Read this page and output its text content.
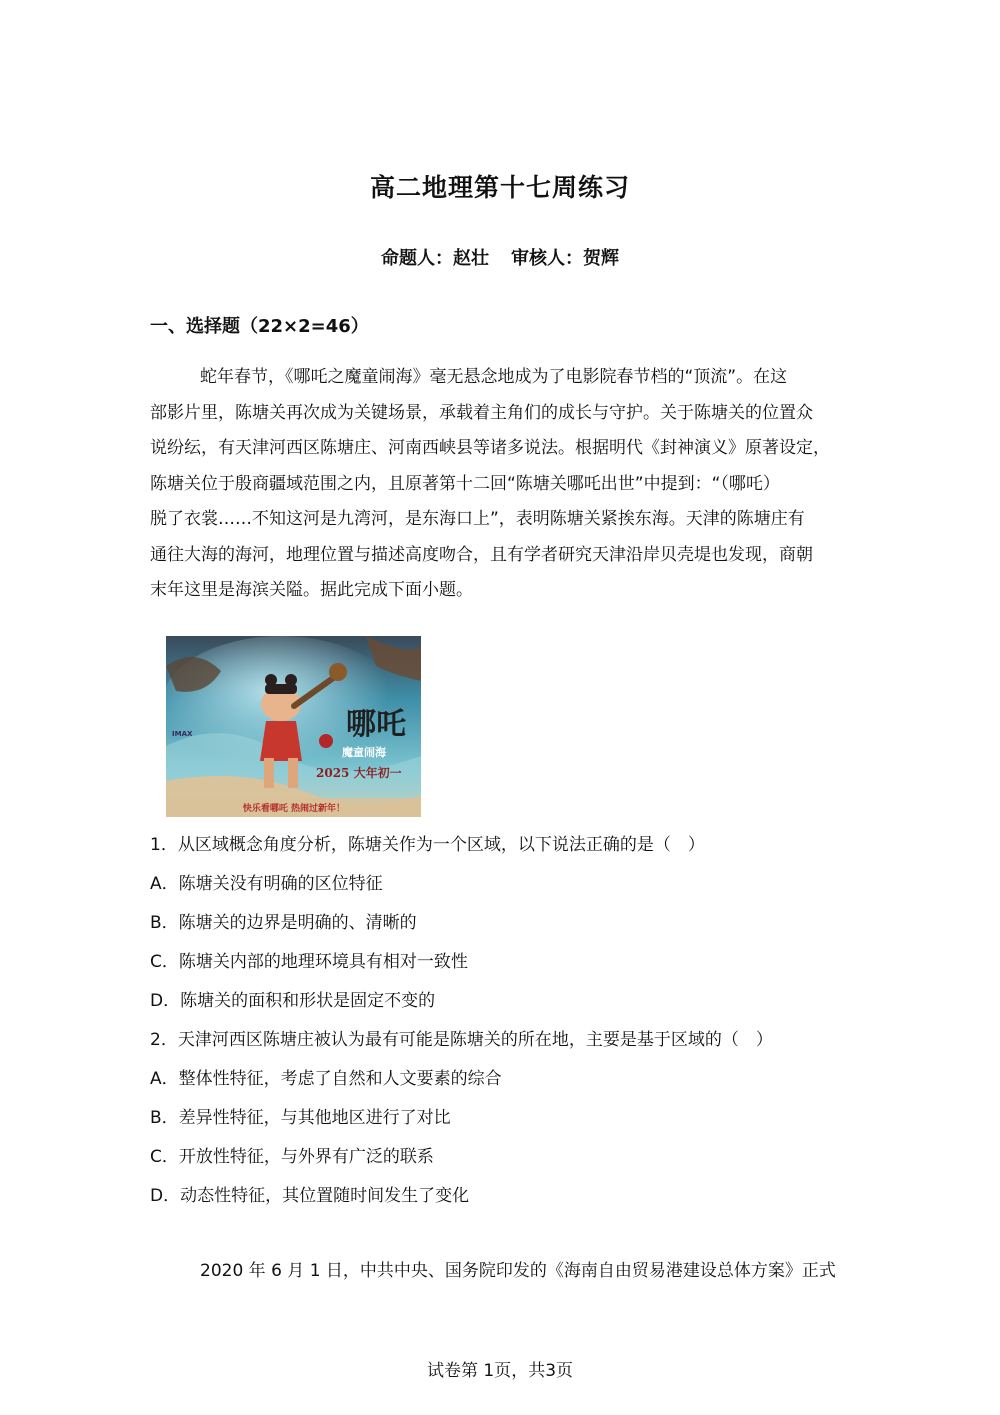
高二地理第十七周练习
命题人：赵壮 审核人：贺辉
一、选择题（22×2=46）
蛇年春节，《哪吒之魔童闹海》毫无悬念地成为了电影院春节档的“顶流”。在这
部影片里，陈塘关再次成为关键场景，承载着主角们的成长与守护。关于陈塘关的位置众
说纷纭，有天津河西区陈塘庄、河南西峡县等诸多说法。根据明代《封神演义》原著设定，
陈塘关位于殷商疆域范围之内，且原著第十二回“陈塘关哪吒出世”中提到：“（哪吒）
脱了衣裳……不知这河是九湾河，是东海口上”，表明陈塘关紧挨东海。天津的陈塘庄有
通往大海的海河，地理位置与描述高度吻合，且有学者研究天津沿岸贝壳堤也发现，商朝
末年这里是海滨关隘。据此完成下面小题。
哪吒
魔童闹海
2025 大年初一
IMAX
快乐看哪吒 热闹过新年！
1．从区域概念角度分析，陈塘关作为一个区域，以下说法正确的是（　）
A．陈塘关没有明确的区位特征
B．陈塘关的边界是明确的、清晰的
C．陈塘关内部的地理环境具有相对一致性
D．陈塘关的面积和形状是固定不变的
2．天津河西区陈塘庄被认为最有可能是陈塘关的所在地，主要是基于区域的（　）
A．整体性特征，考虑了自然和人文要素的综合
B．差异性特征，与其他地区进行了对比
C．开放性特征，与外界有广泛的联系
D．动态性特征，其位置随时间发生了变化
2020 年 6 月 1 日，中共中央、国务院印发的《海南自由贸易港建设总体方案》正式
试卷第 1页，共3页
